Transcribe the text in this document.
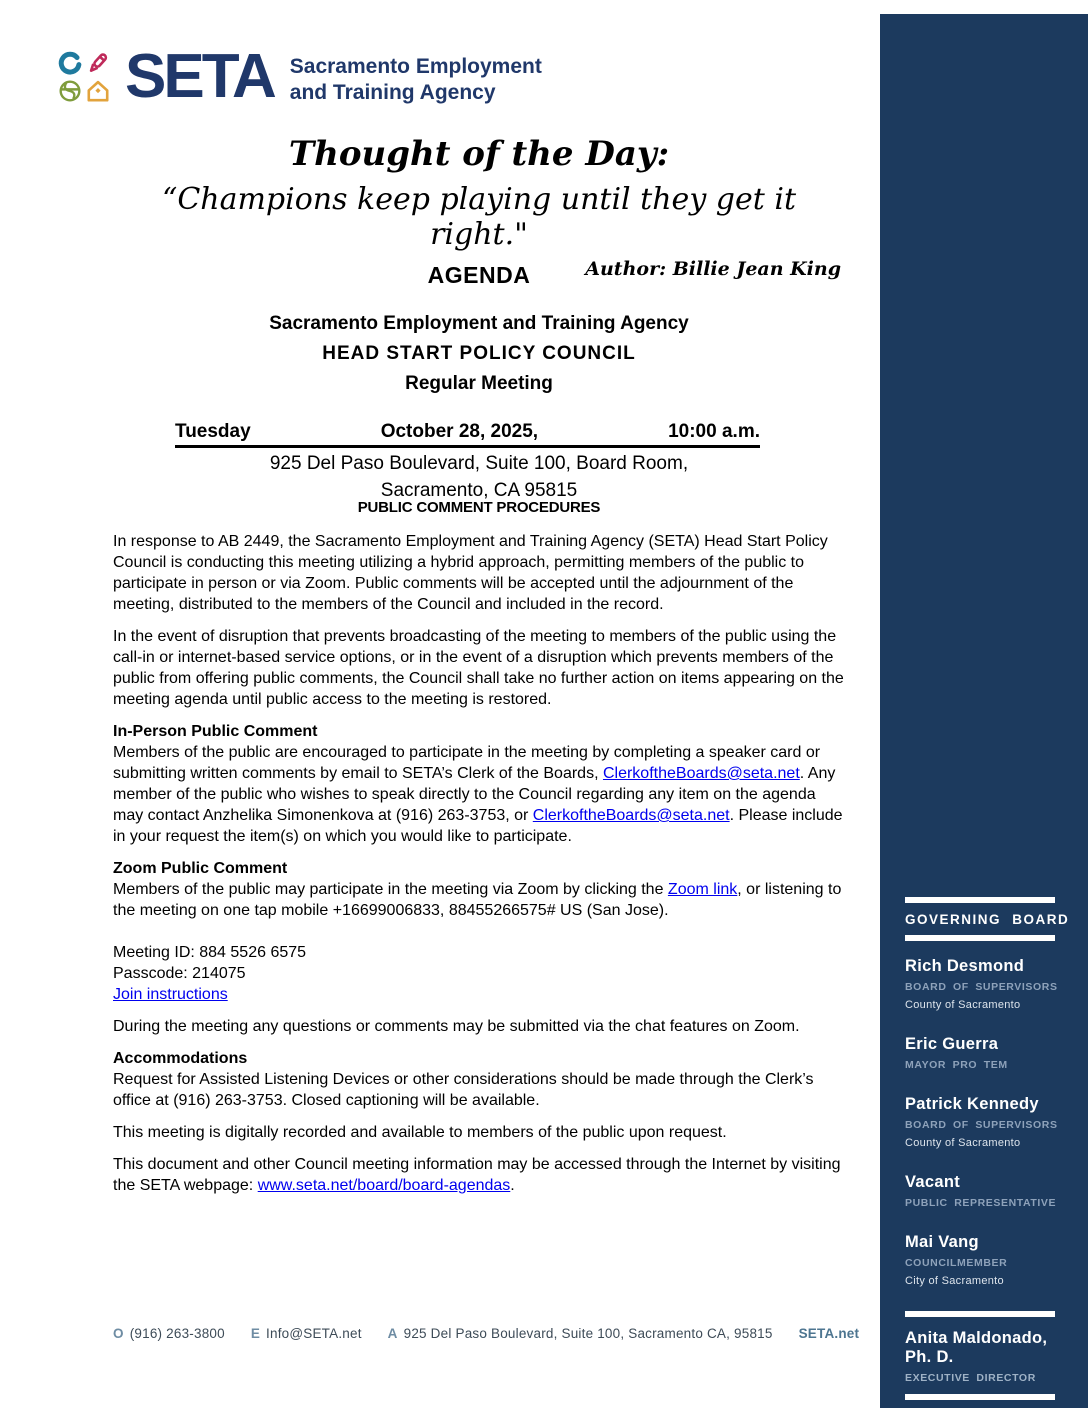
SETA Sacramento Employment
and Training Agency
Thought of the Day:
“Champions keep playing until they get it right."
Author: Billie Jean King
AGENDA
Sacramento Employment and Training Agency
HEAD START POLICY COUNCIL
Regular Meeting
Tuesday	October 28, 2025,	10:00 a.m.
925 Del Paso Boulevard, Suite 100, Board Room,
Sacramento, CA 95815
PUBLIC COMMENT PROCEDURES

In response to AB 2449, the Sacramento Employment and Training Agency (SETA) Head Start Policy Council is conducting this meeting utilizing a hybrid approach, permitting members of the public to participate in person or via Zoom. Public comments will be accepted until the adjournment of the meeting, distributed to the members of the Council and included in the record.

In the event of disruption that prevents broadcasting of the meeting to members of the public using the call-in or internet-based service options, or in the event of a disruption which prevents members of the public from offering public comments, the Council shall take no further action on items appearing on the meeting agenda until public access to the meeting is restored.

In-Person Public Comment
Members of the public are encouraged to participate in the meeting by completing a speaker card or submitting written comments by email to SETA’s Clerk of the Boards, ClerkoftheBoards@seta.net. Any member of the public who wishes to speak directly to the Council regarding any item on the agenda may contact Anzhelika Simonenkova at (916) 263-3753, or ClerkoftheBoards@seta.net. Please include in your request the item(s) on which you would like to participate.

Zoom Public Comment
Members of the public may participate in the meeting via Zoom by clicking the Zoom link, or listening to the meeting on one tap mobile +16699006833, 88455266575# US (San Jose).

Meeting ID: 884 5526 6575
Passcode: 214075
Join instructions

During the meeting any questions or comments may be submitted via the chat features on Zoom.

Accommodations
Request for Assisted Listening Devices or other considerations should be made through the Clerk’s office at (916) 263-3753. Closed captioning will be available.

This meeting is digitally recorded and available to members of the public upon request.

This document and other Council meeting information may be accessed through the Internet by visiting the SETA webpage: www.seta.net/board/board-agendas.

GOVERNING BOARD
Rich Desmond
BOARD OF SUPERVISORS
County of Sacramento
Eric Guerra
MAYOR PRO TEM
Patrick Kennedy
BOARD OF SUPERVISORS
County of Sacramento
Vacant
PUBLIC REPRESENTATIVE
Mai Vang
COUNCILMEMBER
City of Sacramento
Anita Maldonado, Ph. D.
EXECUTIVE DIRECTOR
O (916) 263-3800 E Info@SETA.net A 925 Del Paso Boulevard, Suite 100, Sacramento CA, 95815 SETA.net
